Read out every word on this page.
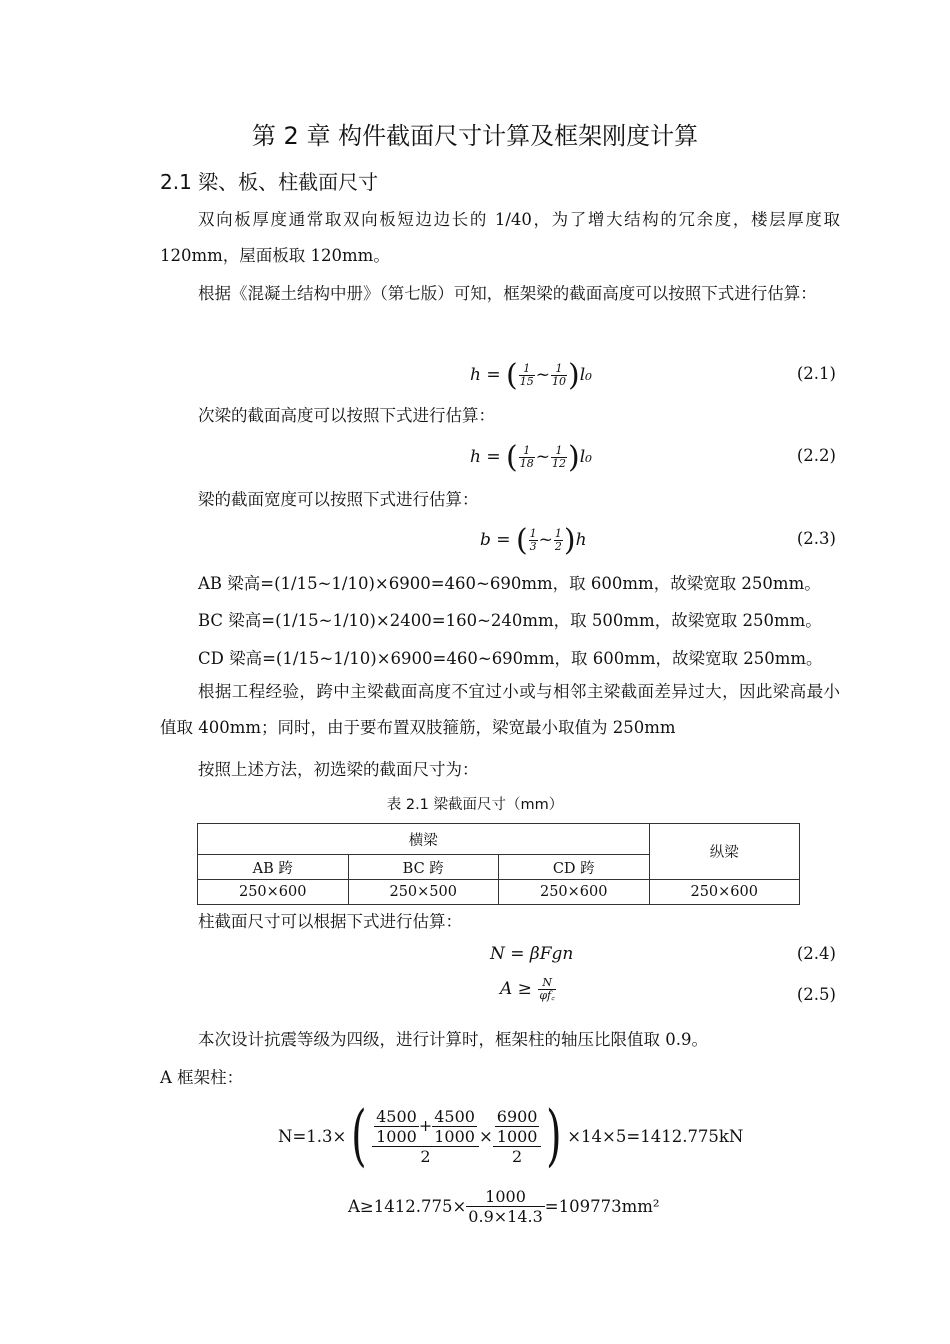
第 2 章 构件截面尺寸计算及框架刚度计算
2.1 梁、板、柱截面尺寸
双向板厚度通常取双向板短边边长的 1/40，为了增大结构的冗余度，楼层厚度取 120mm，屋面板取 120mm。
根据《混凝土结构中册》（第七版）可知，框架梁的截面高度可以按照下式进行估算：
h = ( $\frac{1}{15}$ ~ $\frac{1}{10} )l_0$	(2.1)
次梁的截面高度可以按照下式进行估算：
h = ( $\frac{1}{18}$ ~ $\frac{1}{12} )l_0$	(2.2)
梁的截面宽度可以按照下式进行估算：
b = ( $\frac{1}{3}$ ~ $\frac{1}{2} )h$	(2.3)
AB 梁高=(1/15~1/10)×6900=460~690mm，取 600mm，故梁宽取 250mm。
BC 梁高=(1/15~1/10)×2400=160~240mm，取 500mm，故梁宽取 250mm。
CD 梁高=(1/15~1/10)×6900=460~690mm，取 600mm，故梁宽取 250mm。
根据工程经验，跨中主梁截面高度不宜过小或与相邻主梁截面差异过大，因此梁高最小值取 400mm；同时，由于要布置双肢箍筋，梁宽最小取值为 250mm
按照上述方法，初选梁的截面尺寸为：
表 2.1 梁截面尺寸（mm）
横梁			纵梁
AB 跨	BC 跨	CD 跨	
250×600	250×500	250×600	250×600
柱截面尺寸可以根据下式进行估算：
N = βFgn	(2.4)
$A \ge \frac{N}{\varphi f꜀}$	(2.5)
本次设计抗震等级为四级，进行计算时，框架柱的轴压比限值取 0.9。
A 框架柱：
N=1.3× ( $\frac{\frac{4500}{1000} + \frac{4500}{1000}}{2} \times \frac{\frac{6900}{1000}}{2}$ ) ×14×5=1412.775kN
$A\ge 1412.775\times \frac{1000}{0.9\times 14.3} =109773mm^2$
